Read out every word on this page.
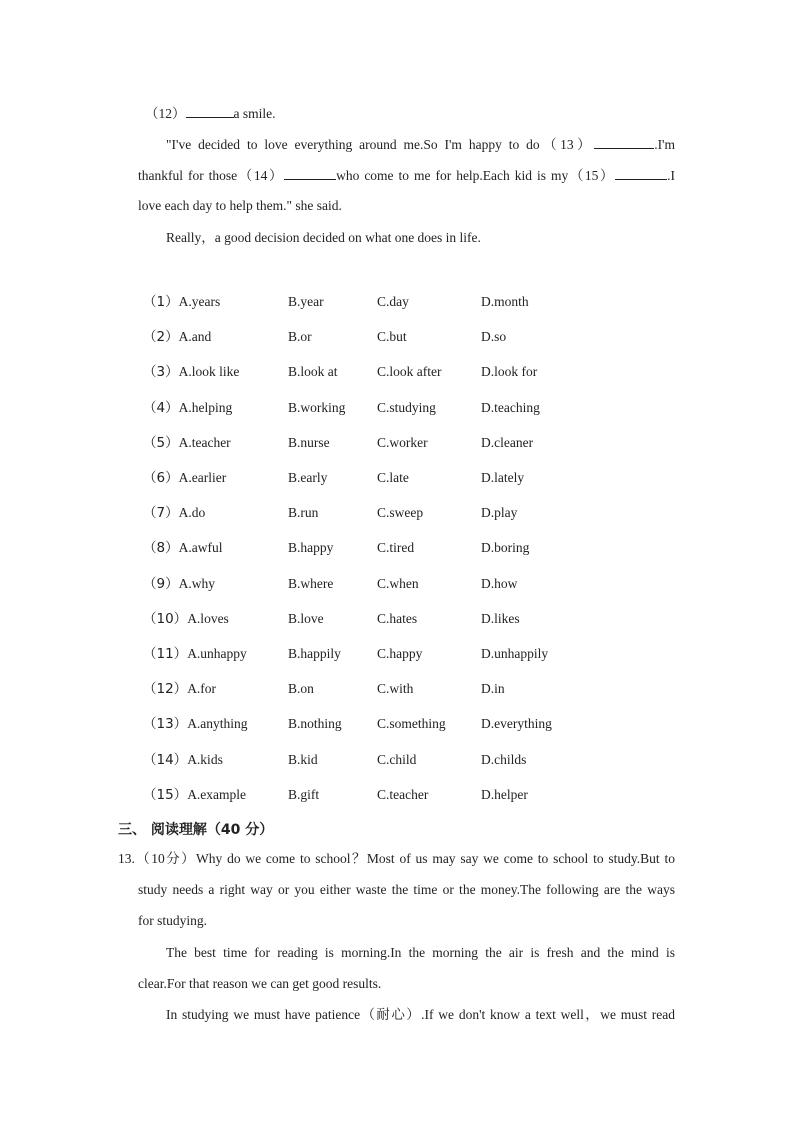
（12）	a smile.
"I've decided to love everything around me.So I'm happy to do（13）	.I'm
thankful for those（14）	who come to me for help.Each kid is my（15）	.I
love each day to help them." she said.
Really，a good decision decided on what one does in life.
（1）A.years	B.year	C.day	D.month
（2）A.and	B.or	C.but	D.so
（3）A.look like	B.look at	C.look after	D.look for
（4）A.helping	B.working C.studying	D.teaching
（5）A.teacher	B.nurse	C.worker	D.cleaner
（6）A.earlier	B.early	C.late	D.lately
（7）A.do	B.run	C.sweep	D.play
（8）A.awful	B.happy	C.tired	D.boring
（9）A.why	B.where	C.when	D.how
（10）A.loves	B.love	C.hates	D.likes
（11）A.unhappy	B.happily	C.happy	D.unhappily
（12）A.for	B.on	C.with	D.in
（13）A.anything	B.nothing	C.something	D.everything
（14）A.kids	B.kid	C.child	D.childs
（15）A.example	B.gift	C.teacher	D.helper
三、 阅读理解（40 分）
13.（10分）Why do we come to school？Most of us may say we come to school to study.But to
study needs a right way or you either waste the time or the money.The following are the ways
for studying.
The best time for reading is morning.In the morning the air is fresh and the mind is
clear.For that reason we can get good results.
In studying we must have patience（耐心）.If we don't know a text well，we must read
